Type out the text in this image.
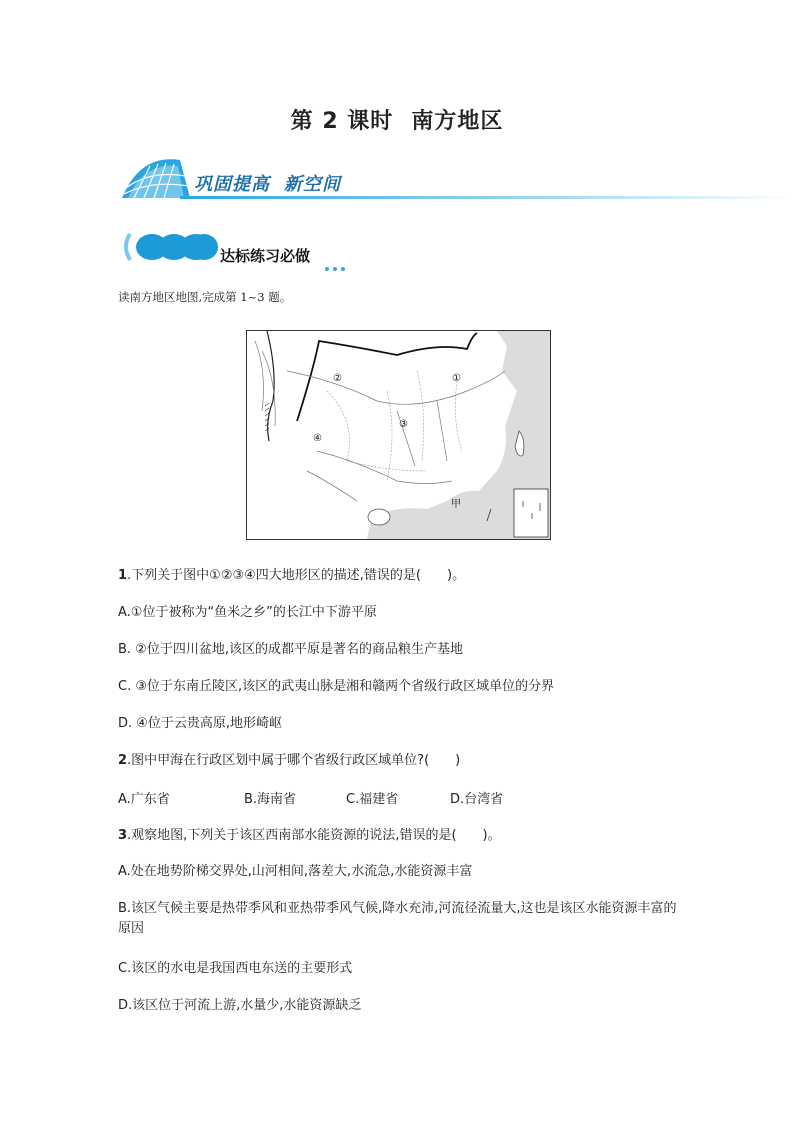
第 2 课时 南方地区
巩固提高 新空间
达标练习必做
读南方地区地图,完成第 1~3 题。
①
②
③
④
甲
1.下列关于图中①②③④四大地形区的描述,错误的是(　　)。
A.①位于被称为“鱼米之乡”的长江中下游平原
B. ②位于四川盆地,该区的成都平原是著名的商品粮生产基地
C. ③位于东南丘陵区,该区的武夷山脉是湘和赣两个省级行政区域单位的分界
D. ④位于云贵高原,地形崎岖
2.图中甲海在行政区划中属于哪个省级行政区域单位?(　　)
A.广东省	B.海南省	C.福建省	D.台湾省
3.观察地图,下列关于该区西南部水能资源的说法,错误的是(　　)。
A.处在地势阶梯交界处,山河相间,落差大,水流急,水能资源丰富
B.该区气候主要是热带季风和亚热带季风气候,降水充沛,河流径流量大,这也是该区水能资源丰富的原因
C.该区的水电是我国西电东送的主要形式
D.该区位于河流上游,水量少,水能资源缺乏
